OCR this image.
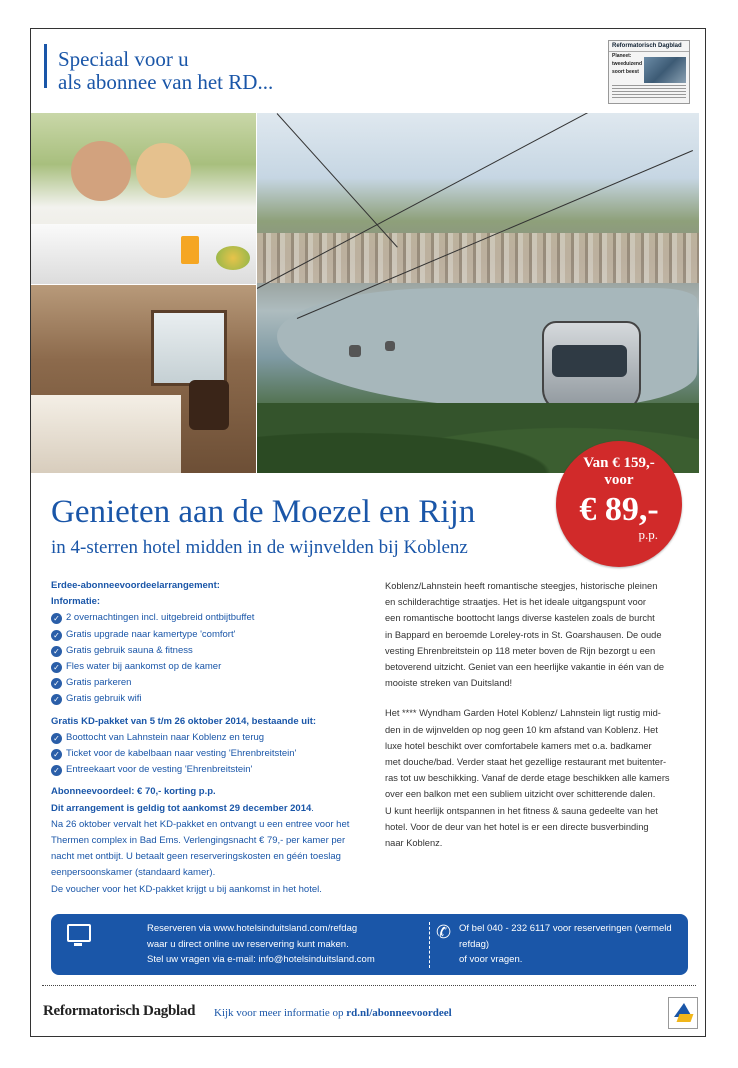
Speciaal voor u
als abonnee van het RD...
Reformatorisch Dagblad
Planeet:
tweeduizend
soort beest
Van € 159,-
voor
€ 89,-
p.p.
Genieten aan de Moezel en Rijn
in 4-sterren hotel midden in de wijnvelden bij Koblenz
Erdee-abonneevoordeelarrangement:
Informatie:
✓ 2 overnachtingen incl. uitgebreid ontbijtbuffet
✓ Gratis upgrade naar kamertype 'comfort'
✓ Gratis gebruik sauna & fitness
✓ Fles water bij aankomst op de kamer
✓ Gratis parkeren
✓ Gratis gebruik wifi
Gratis KD-pakket van 5 t/m 26 oktober 2014, bestaande uit:
✓ Boottocht van Lahnstein naar Koblenz en terug
✓ Ticket voor de kabelbaan naar vesting 'Ehrenbreitstein'
✓ Entreekaart voor de vesting 'Ehrenbreitstein'
Abonneevoordeel: € 70,- korting p.p.
Dit arrangement is geldig tot aankomst 29 december 2014.
Na 26 oktober vervalt het KD-pakket en ontvangt u een entree voor het
Thermen complex in Bad Ems. Verlengingsnacht € 79,- per kamer per
nacht met ontbijt. U betaalt geen reserveringskosten en géén toeslag
eenpersoonskamer (standaard kamer).
De voucher voor het KD-pakket krijgt u bij aankomst in het hotel.

Koblenz/Lahnstein heeft romantische steegjes, historische pleinen
en schilderachtige straatjes. Het is het ideale uitgangspunt voor
een romantische boottocht langs diverse kastelen zoals de burcht
in Bappard en beroemde Loreley-rots in St. Goarshausen. De oude
vesting Ehrenbreitstein op 118 meter boven de Rijn bezorgt u een
betoverend uitzicht. Geniet van een heerlijke vakantie in één van de
mooiste streken van Duitsland!

Het **** Wyndham Garden Hotel Koblenz/ Lahnstein ligt rustig mid-
den in de wijnvelden op nog geen 10 km afstand van Koblenz. Het
luxe hotel beschikt over comfortabele kamers met o.a. badkamer
met douche/bad. Verder staat het gezellige restaurant met buitenter-
ras tot uw beschikking. Vanaf de derde etage beschikken alle kamers
over een balkon met een subliem uitzicht over schitterende dalen.
U kunt heerlijk ontspannen in het fitness & sauna gedeelte van het
hotel. Voor de deur van het hotel is er een directe busverbinding
naar Koblenz.

Reserveren via www.hotelsinduitsland.com/refdag
waar u direct online uw reservering kunt maken.
Stel uw vragen via e-mail: info@hotelsinduitsland.com
✆ Of bel 040 - 232 6117 voor reserveringen (vermeld refdag)
of voor vragen.
Reformatorisch Dagblad Kijk voor meer informatie op rd.nl/abonneevoordeel
